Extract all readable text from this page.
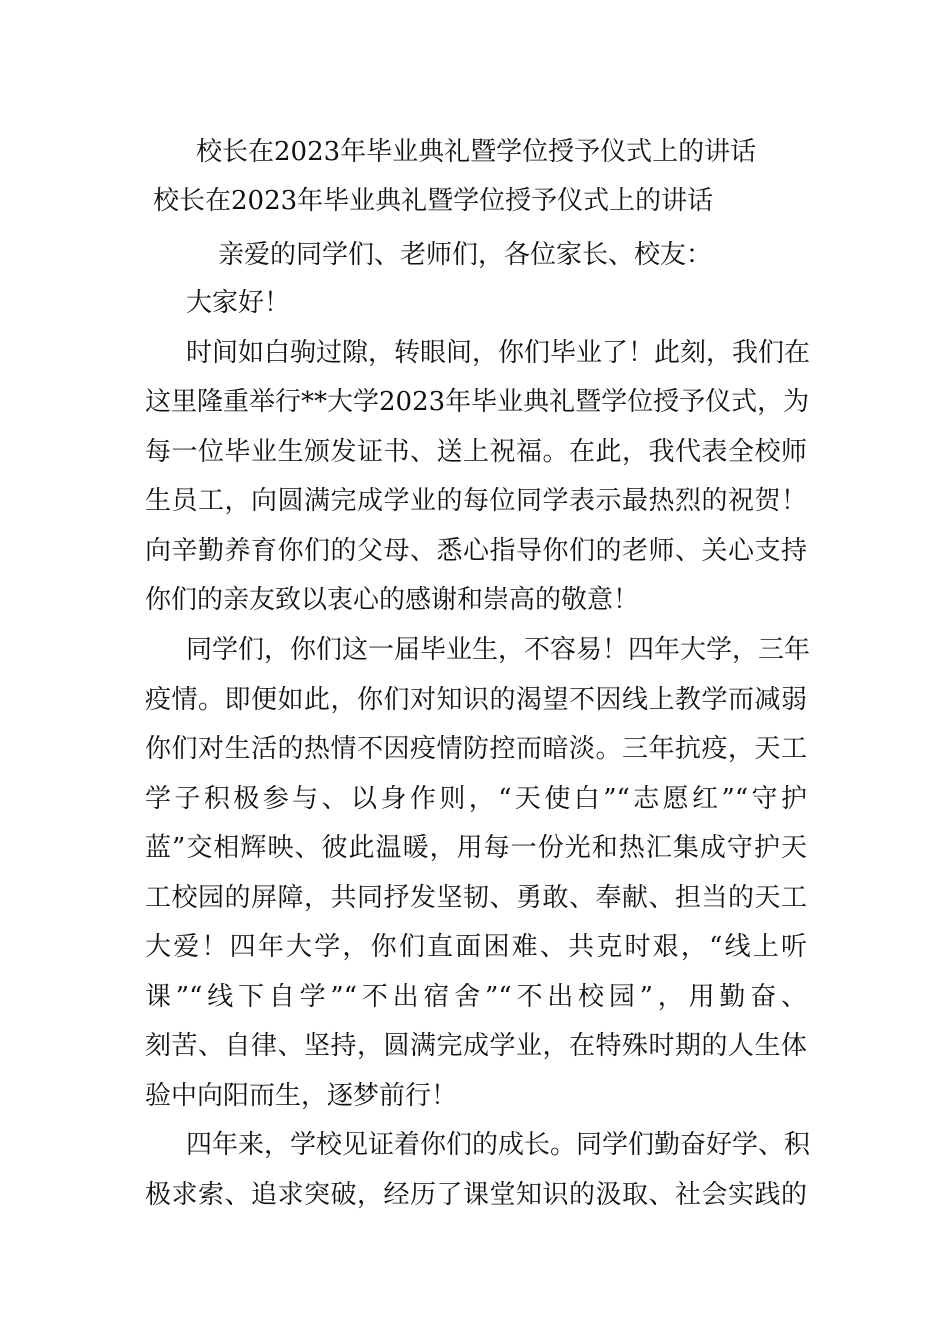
校长在2023年毕业典礼暨学位授予仪式上的讲话
校长在2023年毕业典礼暨学位授予仪式上的讲话
亲爱的同学们、老师们，各位家长、校友：
大家好！
时间如白驹过隙，转眼间，你们毕业了！此刻，我们在
这里隆重举行**大学2023年毕业典礼暨学位授予仪式，为
每一位毕业生颁发证书、送上祝福。在此，我代表全校师
生员工，向圆满完成学业的每位同学表示最热烈的祝贺！
向辛勤养育你们的父母、悉心指导你们的老师、关心支持
你们的亲友致以衷心的感谢和崇高的敬意！
同学们，你们这一届毕业生，不容易！四年大学，三年
疫情。即便如此，你们对知识的渴望不因线上教学而减弱
你们对生活的热情不因疫情防控而暗淡。三年抗疫，天工
学子积极参与、以身作则，“天使白”“志愿红”“守护
蓝”交相辉映、彼此温暖，用每一份光和热汇集成守护天
工校园的屏障，共同抒发坚韧、勇敢、奉献、担当的天工
大爱！四年大学，你们直面困难、共克时艰，“线上听
课”“线下自学”“不出宿舍”“不出校园”，用勤奋、
刻苦、自律、坚持，圆满完成学业，在特殊时期的人生体
验中向阳而生，逐梦前行！
四年来，学校见证着你们的成长。同学们勤奋好学、积
极求索、追求突破，经历了课堂知识的汲取、社会实践的
